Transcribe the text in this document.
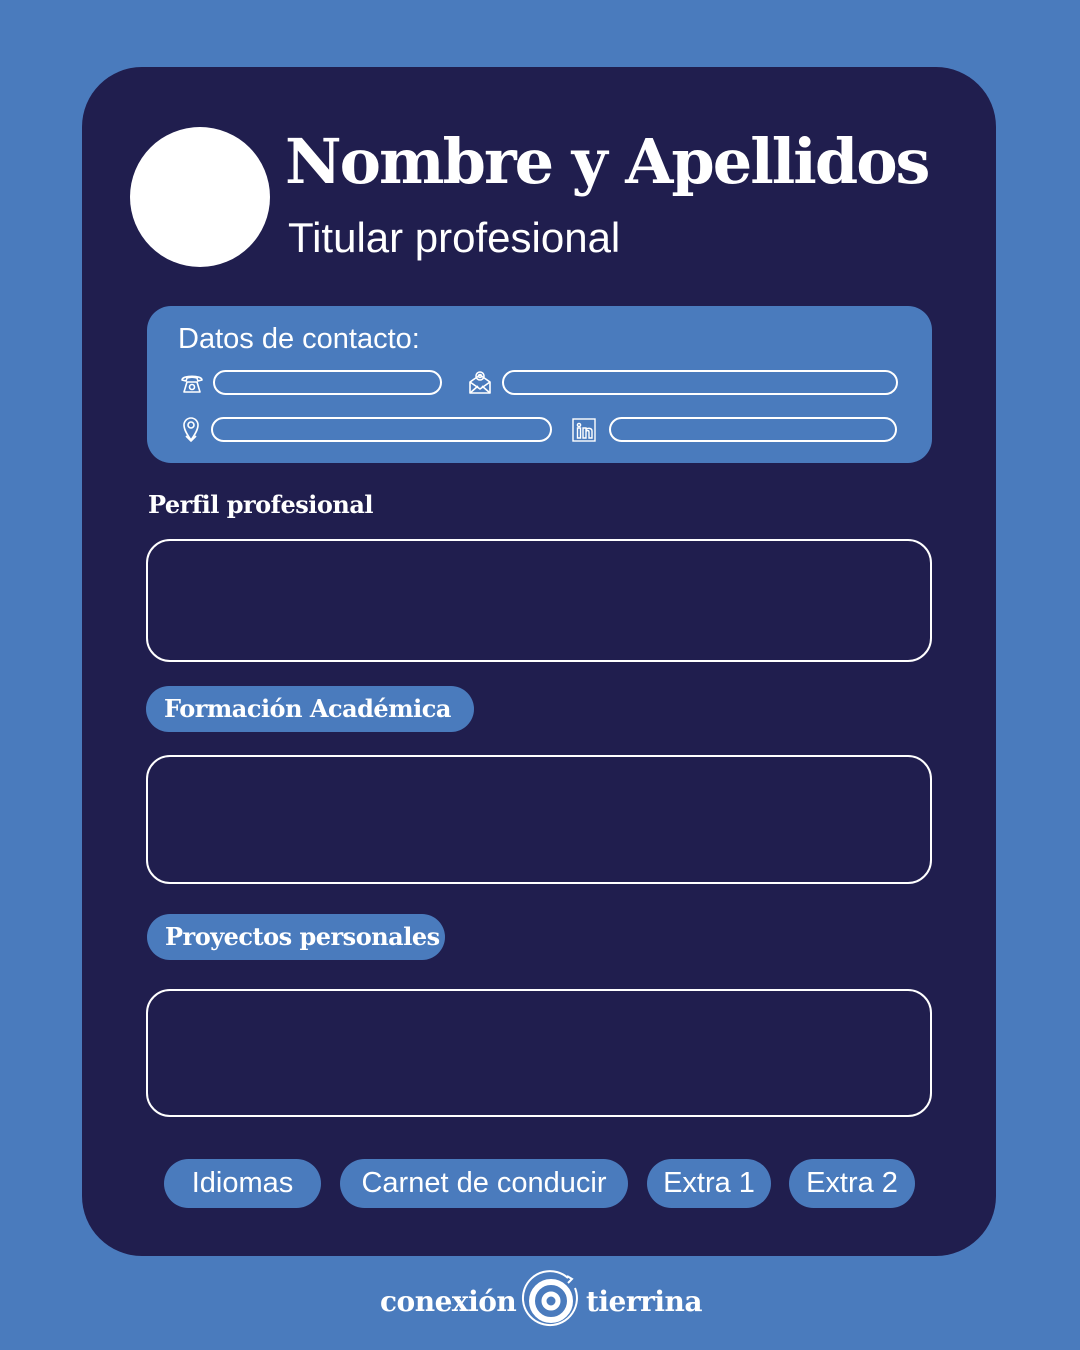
Nombre y Apellidos
Titular profesional
Datos de contacto:
Perfil profesional
Formación Académica
Proyectos personales
Idiomas	Carnet de conducir	Extra 1	Extra 2
conexión tierrina
